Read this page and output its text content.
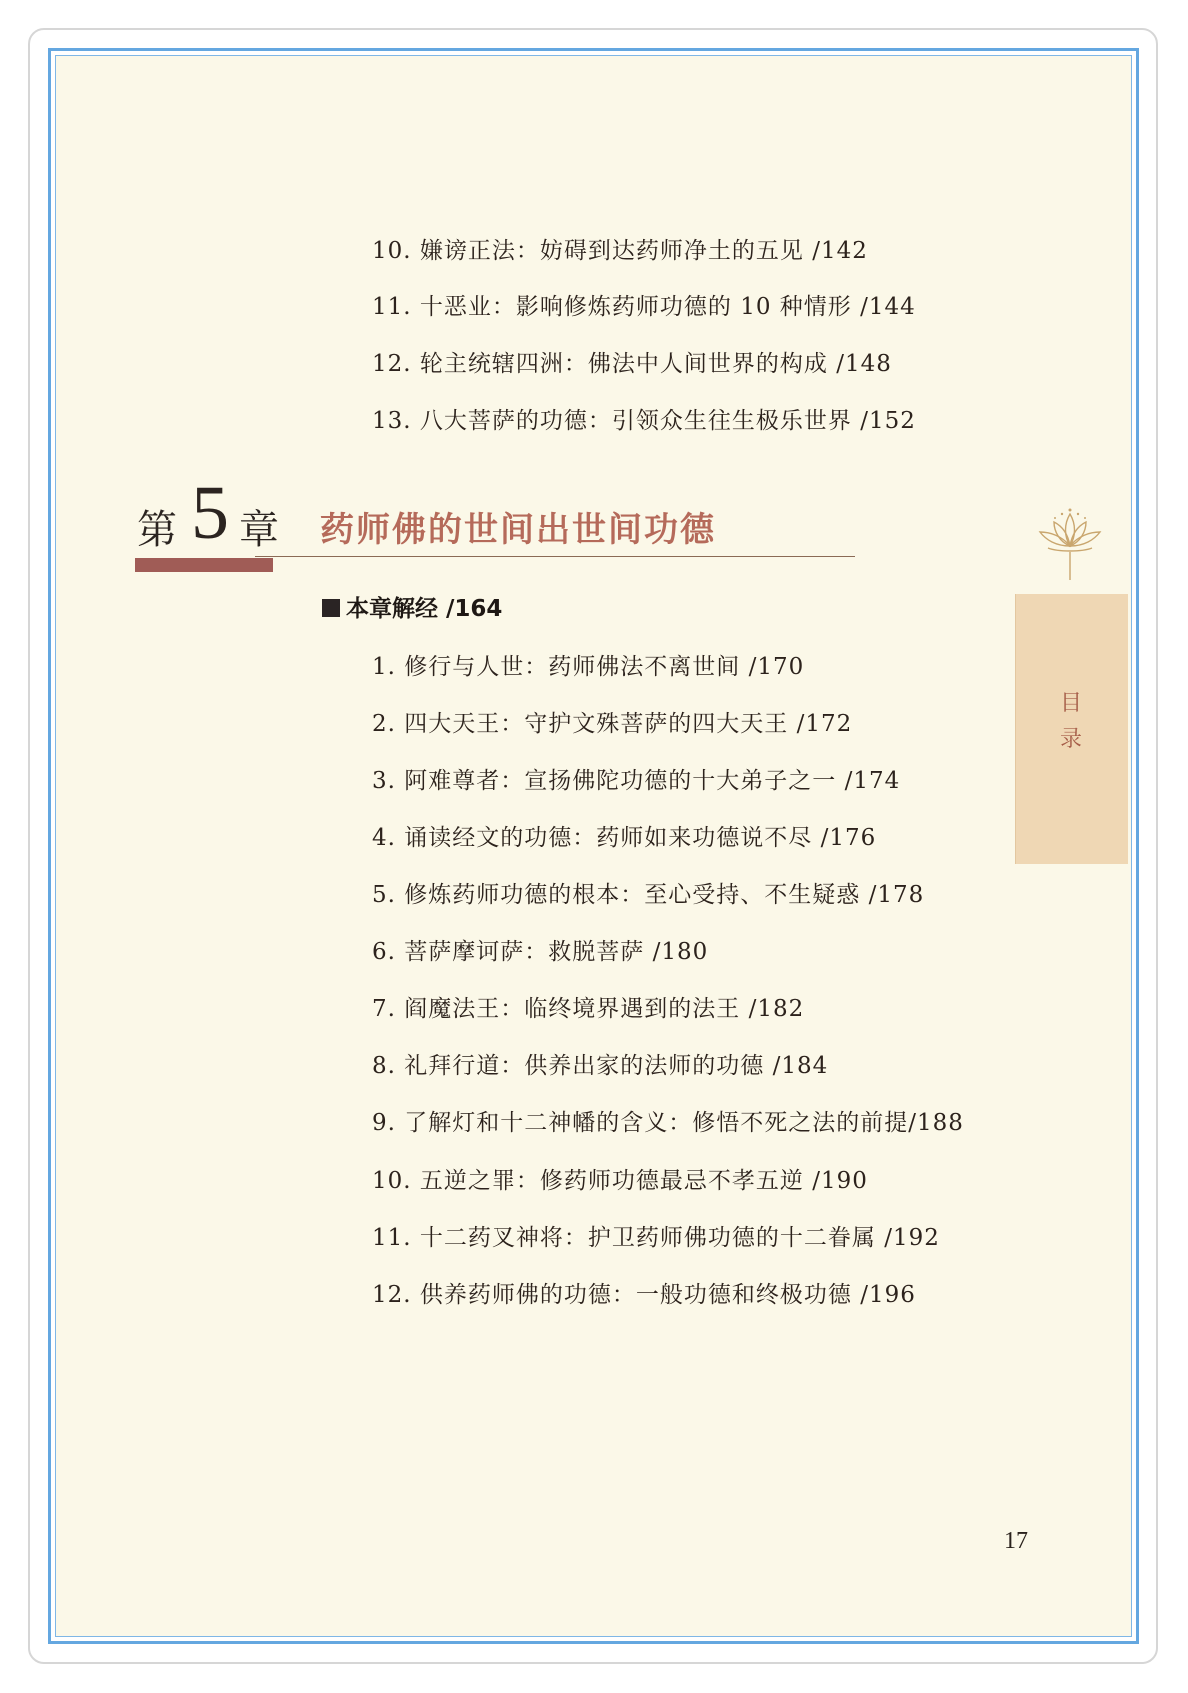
10. 嫌谤正法：妨碍到达药师净土的五见 /142
11. 十恶业：影响修炼药师功德的 10 种情形 /144
12. 轮主统辖四洲：佛法中人间世界的构成 /148
13. 八大菩萨的功德：引领众生往生极乐世界 /152
第 5 章 药师佛的世间出世间功德
本章解经 /164
1. 修行与人世：药师佛法不离世间 /170
2. 四大天王：守护文殊菩萨的四大天王 /172
3. 阿难尊者：宣扬佛陀功德的十大弟子之一 /174
4. 诵读经文的功德：药师如来功德说不尽 /176
5. 修炼药师功德的根本：至心受持、不生疑惑 /178
6. 菩萨摩诃萨：救脱菩萨 /180
7. 阎魔法王：临终境界遇到的法王 /182
8. 礼拜行道：供养出家的法师的功德 /184
9. 了解灯和十二神幡的含义：修悟不死之法的前提/188
10. 五逆之罪：修药师功德最忌不孝五逆 /190
11. 十二药叉神将：护卫药师佛功德的十二眷属 /192
12. 供养药师佛的功德：一般功德和终极功德 /196
目
录
17
